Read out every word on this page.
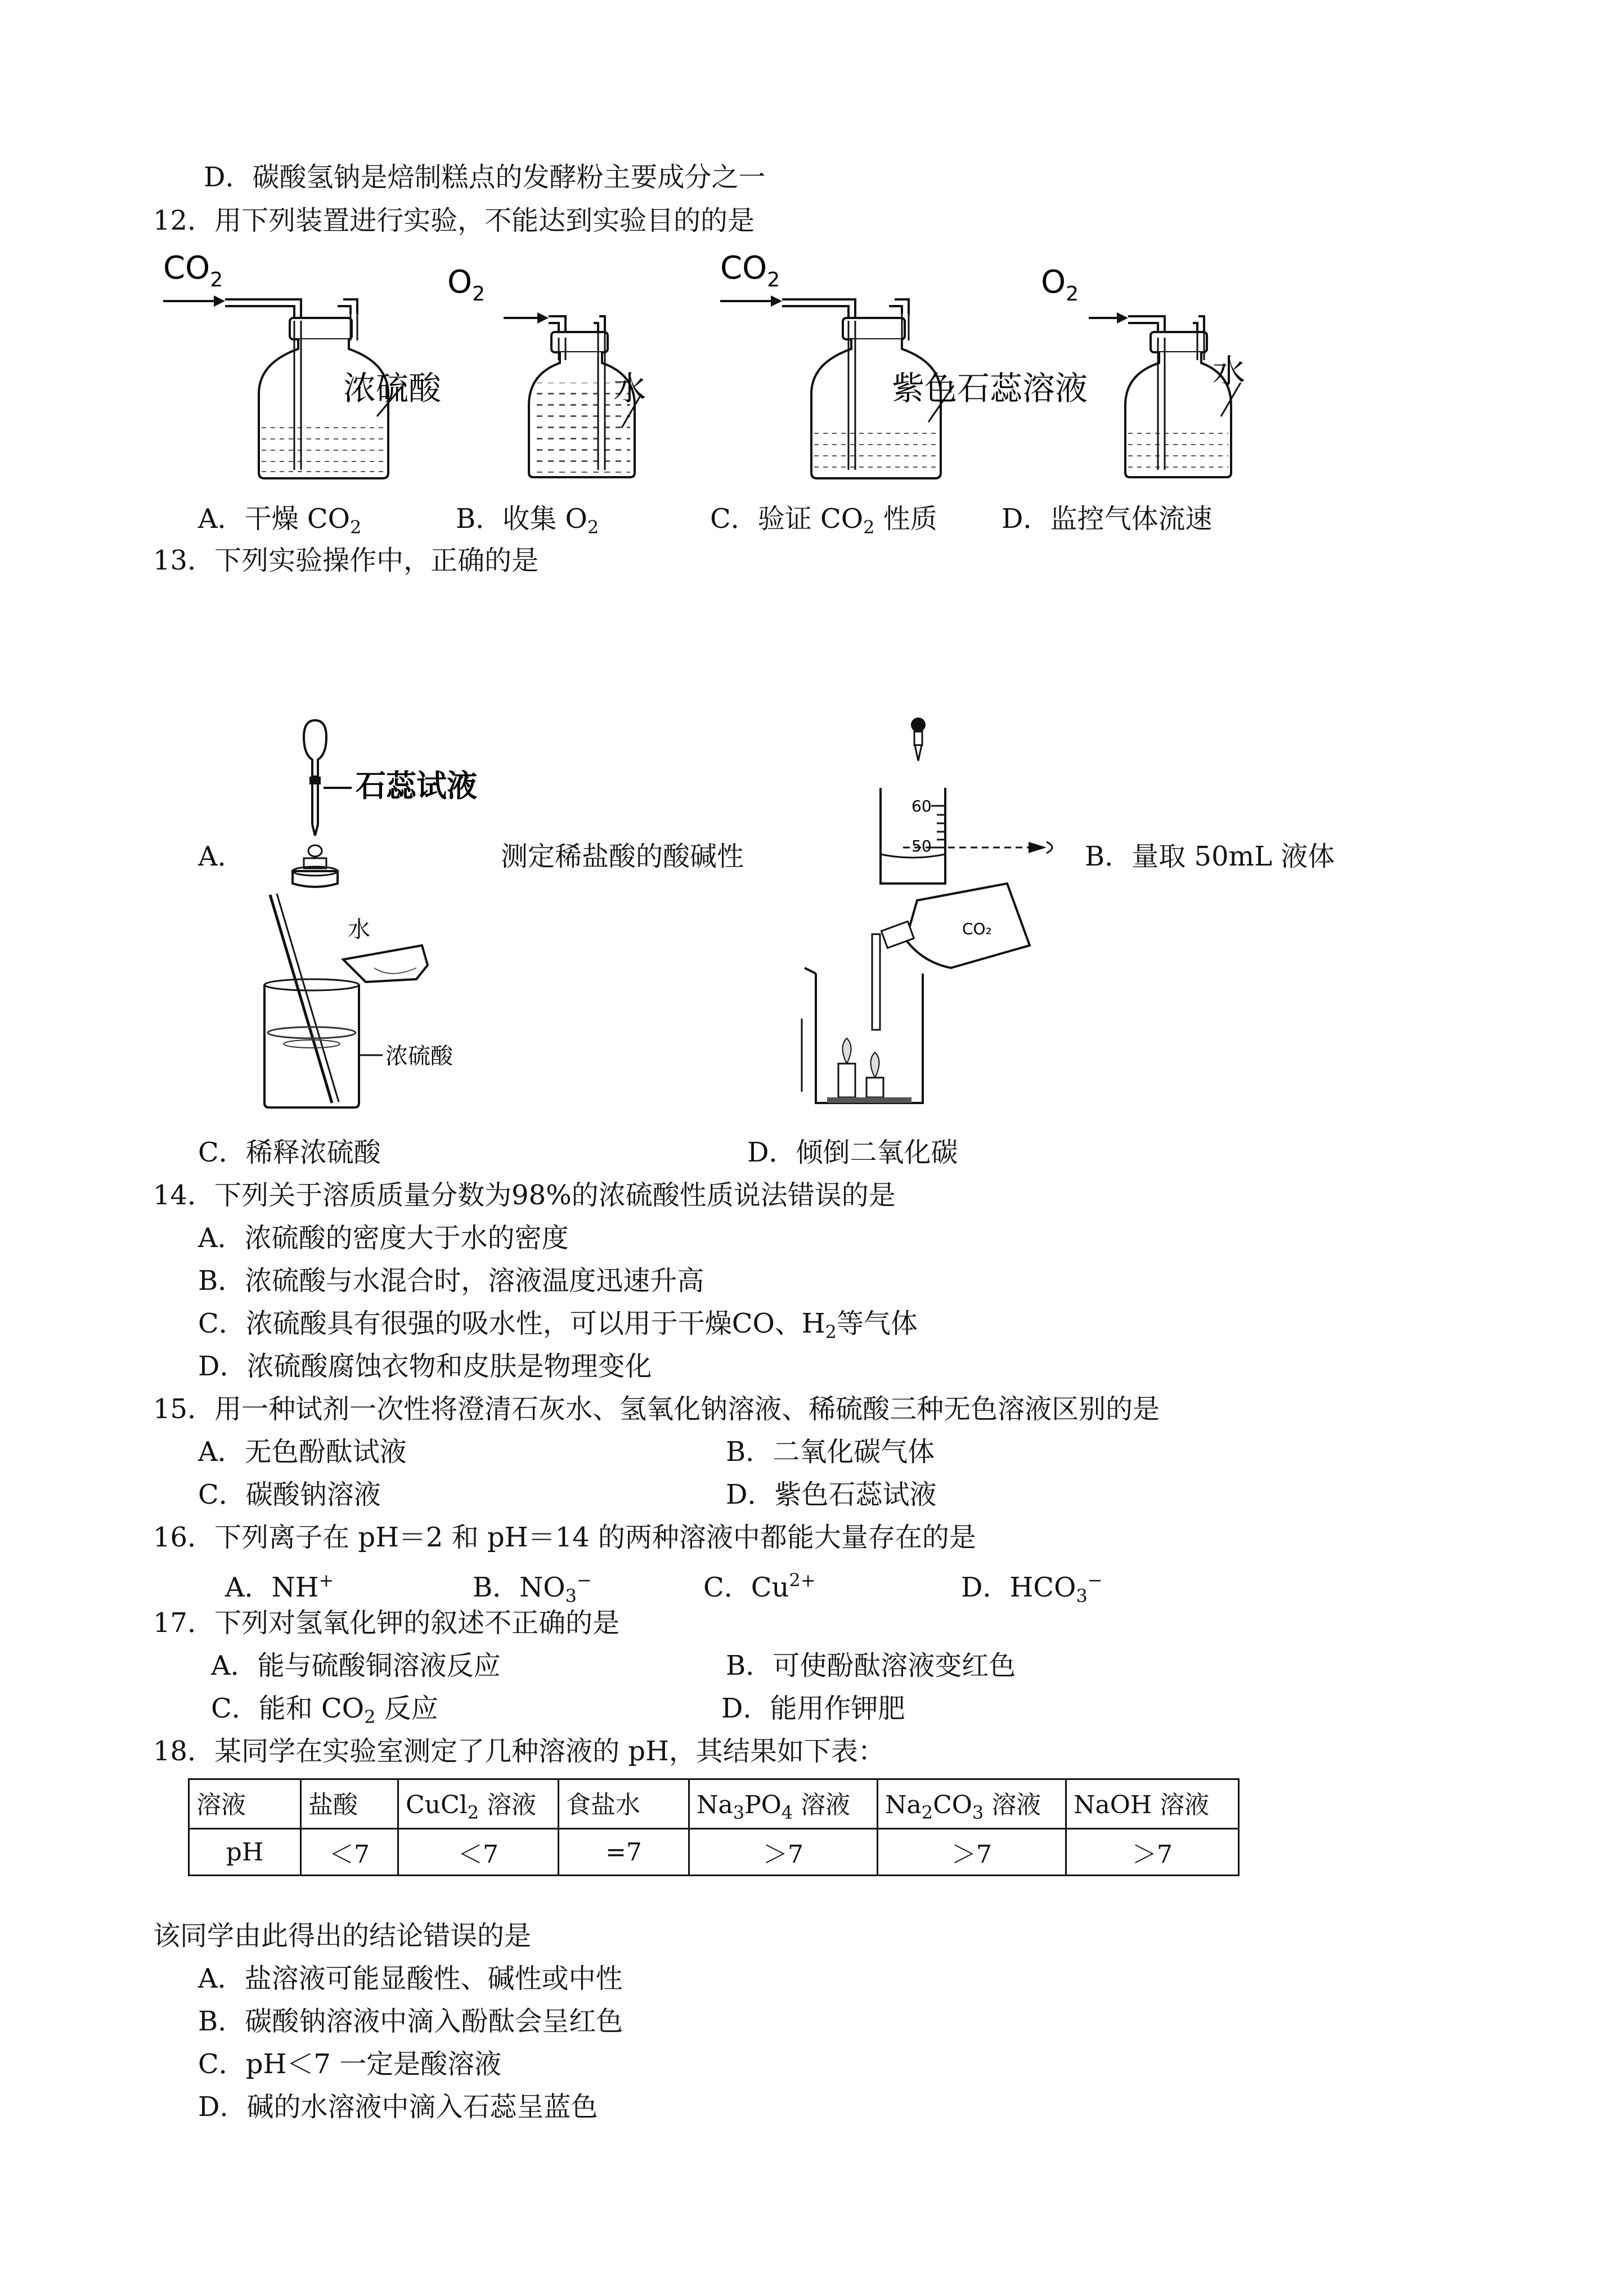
D．碳酸氢钠是焙制糕点的发酵粉主要成分之一
12．用下列装置进行实验，不能达到实验目的的是
$CO_2$
浓硫酸
$O_2$
水
$CO_2$
紫色石蕊溶液
$O_2$
水
A．干燥 $CO_2$	B．收集 $O_2$	C．验证 $CO_2$ 性质 D．监控气体流速
13．下列实验操作中，正确的是
A．
石蕊试液
测定稀盐酸的酸碱性
60
50	B．量取 50mL 液体
水
浓硫酸
CO₂
C．稀释浓硫酸	D．倾倒二氧化碳
14．下列关于溶质质量分数为98%的浓硫酸性质说法错误的是
A．浓硫酸的密度大于水的密度
B．浓硫酸与水混合时，溶液温度迅速升高
C．浓硫酸具有很强的吸水性，可以用于干燥CO、$H_2$等气体
D．浓硫酸腐蚀衣物和皮肤是物理变化
15．用一种试剂一次性将澄清石灰水、氢氧化钠溶液、稀硫酸三种无色溶液区别的是
A．无色酚酞试液	B．二氧化碳气体
C．碳酸钠溶液	D．紫色石蕊试液
16．下列离子在 pH＝2 和 pH＝14 的两种溶液中都能大量存在的是
A．NH+	B．$NO_3^-$	C．$Cu^{2+}$	D．$HCO_3^-$
17．下列对氢氧化钾的叙述不正确的是
A．能与硫酸铜溶液反应	B．可使酚酞溶液变红色
C．能和 $CO_2$ 反应	D．能用作钾肥
18．某同学在实验室测定了几种溶液的 pH，其结果如下表：
溶液	盐酸	CuCl$_2$ 溶液	食盐水	$Na_3PO_4$ 溶液	$Na_2CO_3$ 溶液	NaOH 溶液
pH	＜7	＜7	=7	＞7	＞7	＞7
该同学由此得出的结论错误的是
A．盐溶液可能显酸性、碱性或中性
B．碳酸钠溶液中滴入酚酞会呈红色
C．pH＜7 一定是酸溶液
D．碱的水溶液中滴入石蕊呈蓝色
